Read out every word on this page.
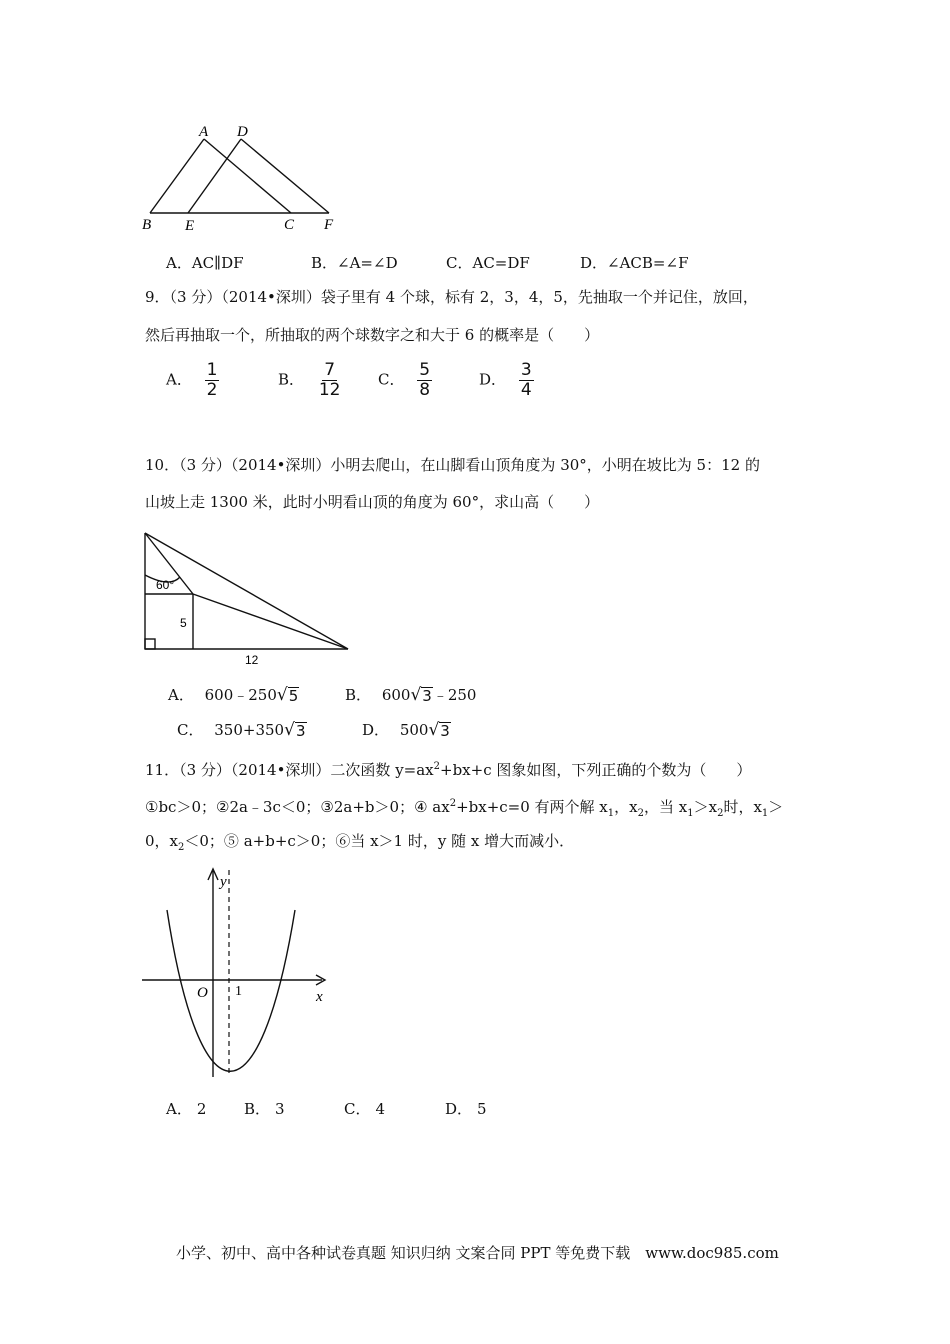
A D
B E	C F
A．AC∥DF	B．∠A=∠D	C．AC=DF	D．∠ACB=∠F
9．（3 分）（2014•深圳）袋子里有 4 个球，标有 2，3，4，5，先抽取一个并记住，放回，
然后再抽取一个，所抽取的两个球数字之和大于 6 的概率是（　　）
A． $\frac{1}{2}$	B． $\frac{7}{12}$ C． $\frac{5}{8}$	D． $\frac{3}{4}$
10．（3 分）（2014•深圳）小明去爬山，在山脚看山顶角度为 30°，小明在坡比为 5：12 的
山坡上走 1300 米，此时小明看山顶的角度为 60°，求山高（　　）
60°
5
12
A． 600﹣250 √ 5	B． 600 √ 3 ﹣250
C． 350+350 √ 3	D． 500 √ 3
11．（3 分）（2014•深圳）二次函数 $y=ax^2+bx+c$ 图象如图，下列正确的个数为（　　）
①bc＞0；②2a﹣3c＜0；③2a+b＞0；④ $ax^2+bx+c=0$ 有两个解 $x_1$，$x_2$，当 $x_1>x_2$时，$x_1>$
0，$x_2<0$；⑤ a+b+c＞0；⑥当 x＞1 时，y 随 x 增大而减小．
y
x
O 1
A． 2	B． 3	C． 4	D． 5
小学、初中、高中各种试卷真题 知识归纳 文案合同 PPT 等免费下载　www.doc985.com
